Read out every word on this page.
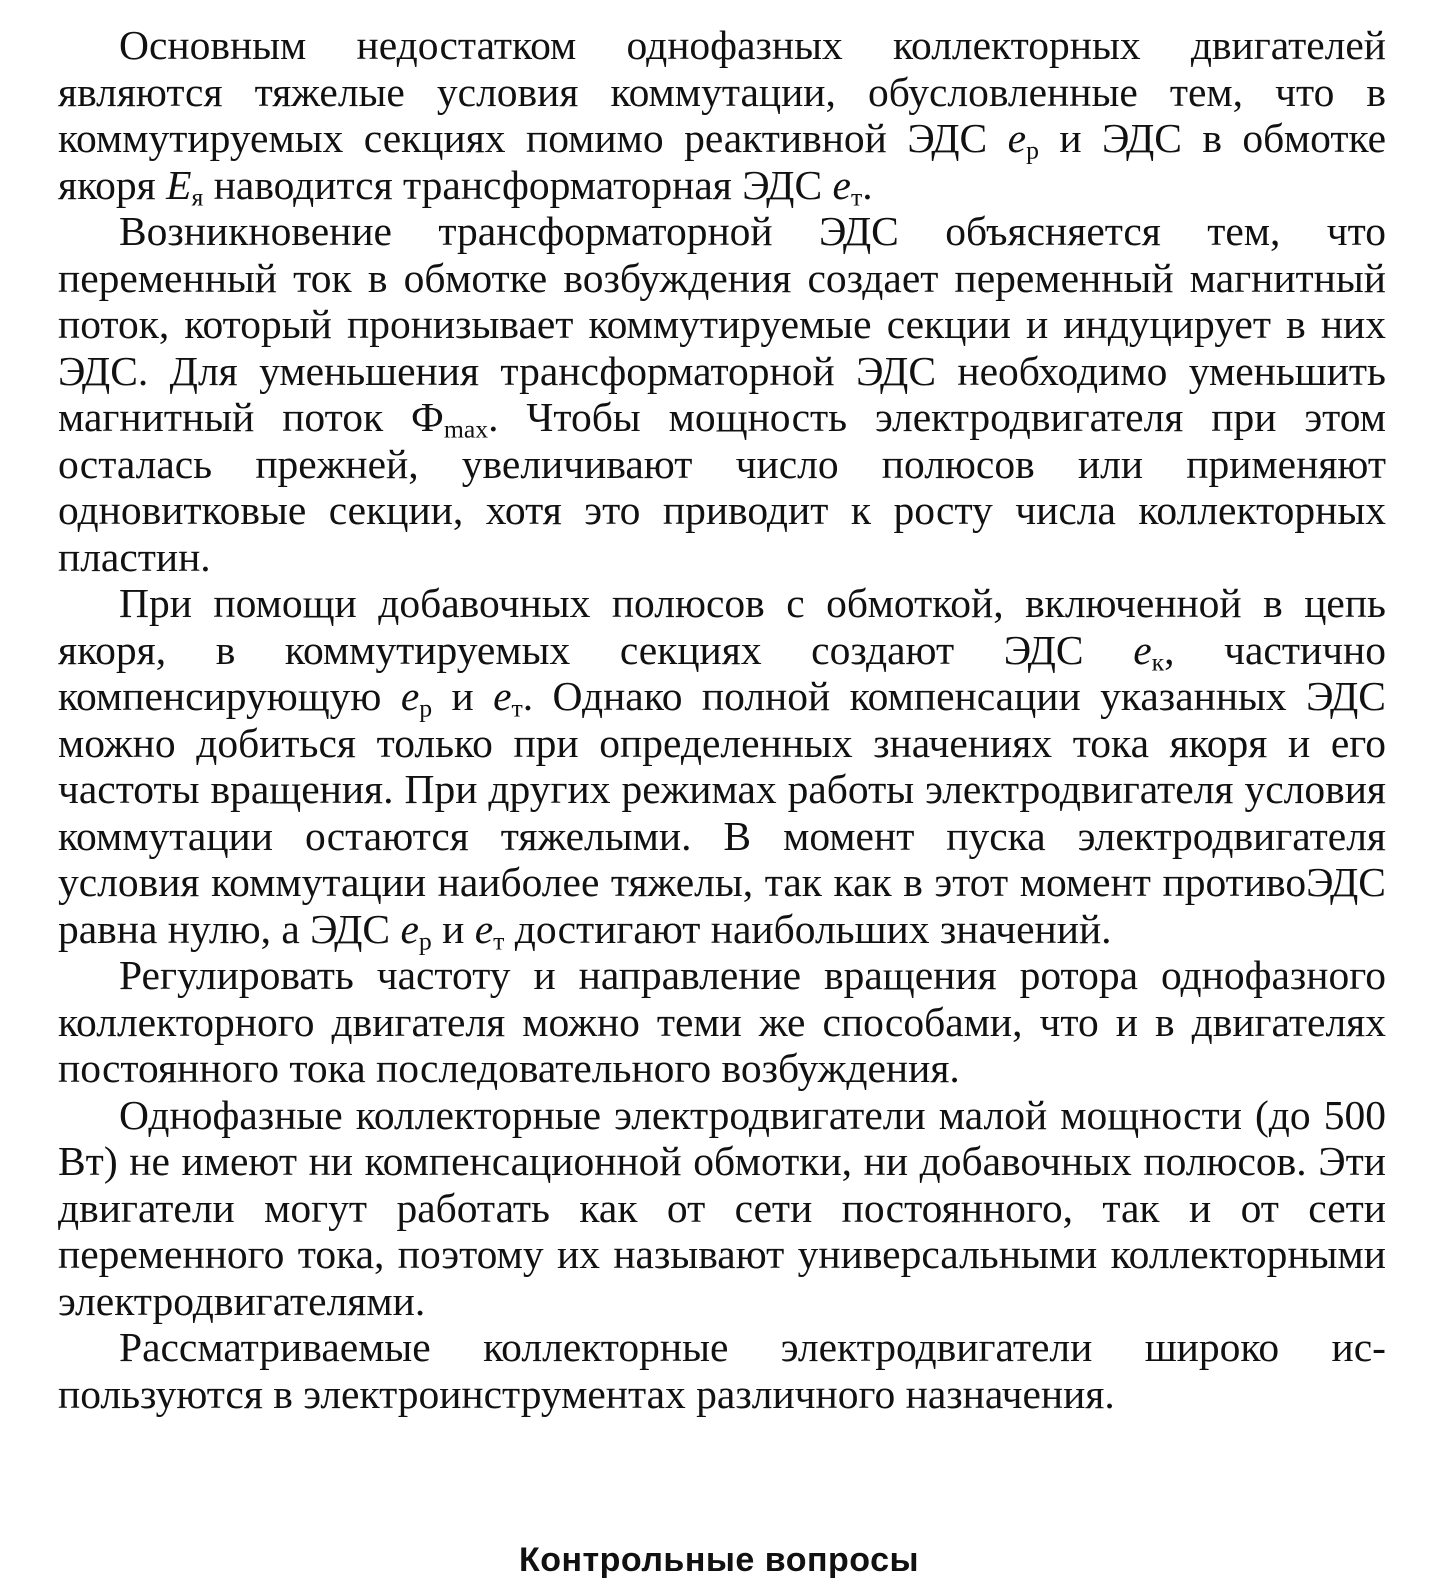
Основным недостатком однофазных коллекторных двигателей являются тяжелые условия коммутации, обусловленные тем, что в коммутируемых секциях помимо реактивной ЭДС $e_р$ и ЭДС в обмотке якоря $E_я$ наводится трансформаторная ЭДС $e_т$.

Возникновение трансформаторной ЭДС объясняется тем, что переменный ток в обмотке возбуждения создает переменный магнитный поток, который пронизывает коммутируемые секции и индуцирует в них ЭДС. Для уменьшения трансформаторной ЭДС необходимо уменьшить магнитный поток $Ф_{max}$. Чтобы мощность электродвигателя при этом осталась прежней, увеличивают число полюсов или применяют одновитковые секции, хотя это приводит к росту числа коллекторных пластин.

При помощи добавочных полюсов с обмоткой, включенной в цепь якоря, в коммутируемых секциях создают ЭДС $e_к$, частично компенсирующую $e_р$ и $e_т$. Однако полной компенсации указанных ЭДС можно добиться только при определенных значениях тока якоря и его частоты вращения. При других режимах работы электродвигателя условия коммутации остаются тяжелыми. В момент пуска электродвигателя условия коммутации наиболее тяжелы, так как в этот момент противоЭДС равна нулю, а ЭДС $e_р$ и $e_т$ достигают наибольших значений.

Регулировать частоту и направление вращения ротора однофазного коллекторного двигателя можно теми же способами, что и в двигателях постоянного тока последовательного возбуждения.

Однофазные коллекторные электродвигатели малой мощности (до 500 Вт) не имеют ни компенсационной обмотки, ни добавочных полюсов. Эти двигатели могут работать как от сети постоянного, так и от сети переменного тока, поэтому их называют универсальными коллекторными электродвигателями.

Рассматриваемые коллекторные электродвигатели широко используются в электроинструментах различного назначения.

Контрольные вопросы
